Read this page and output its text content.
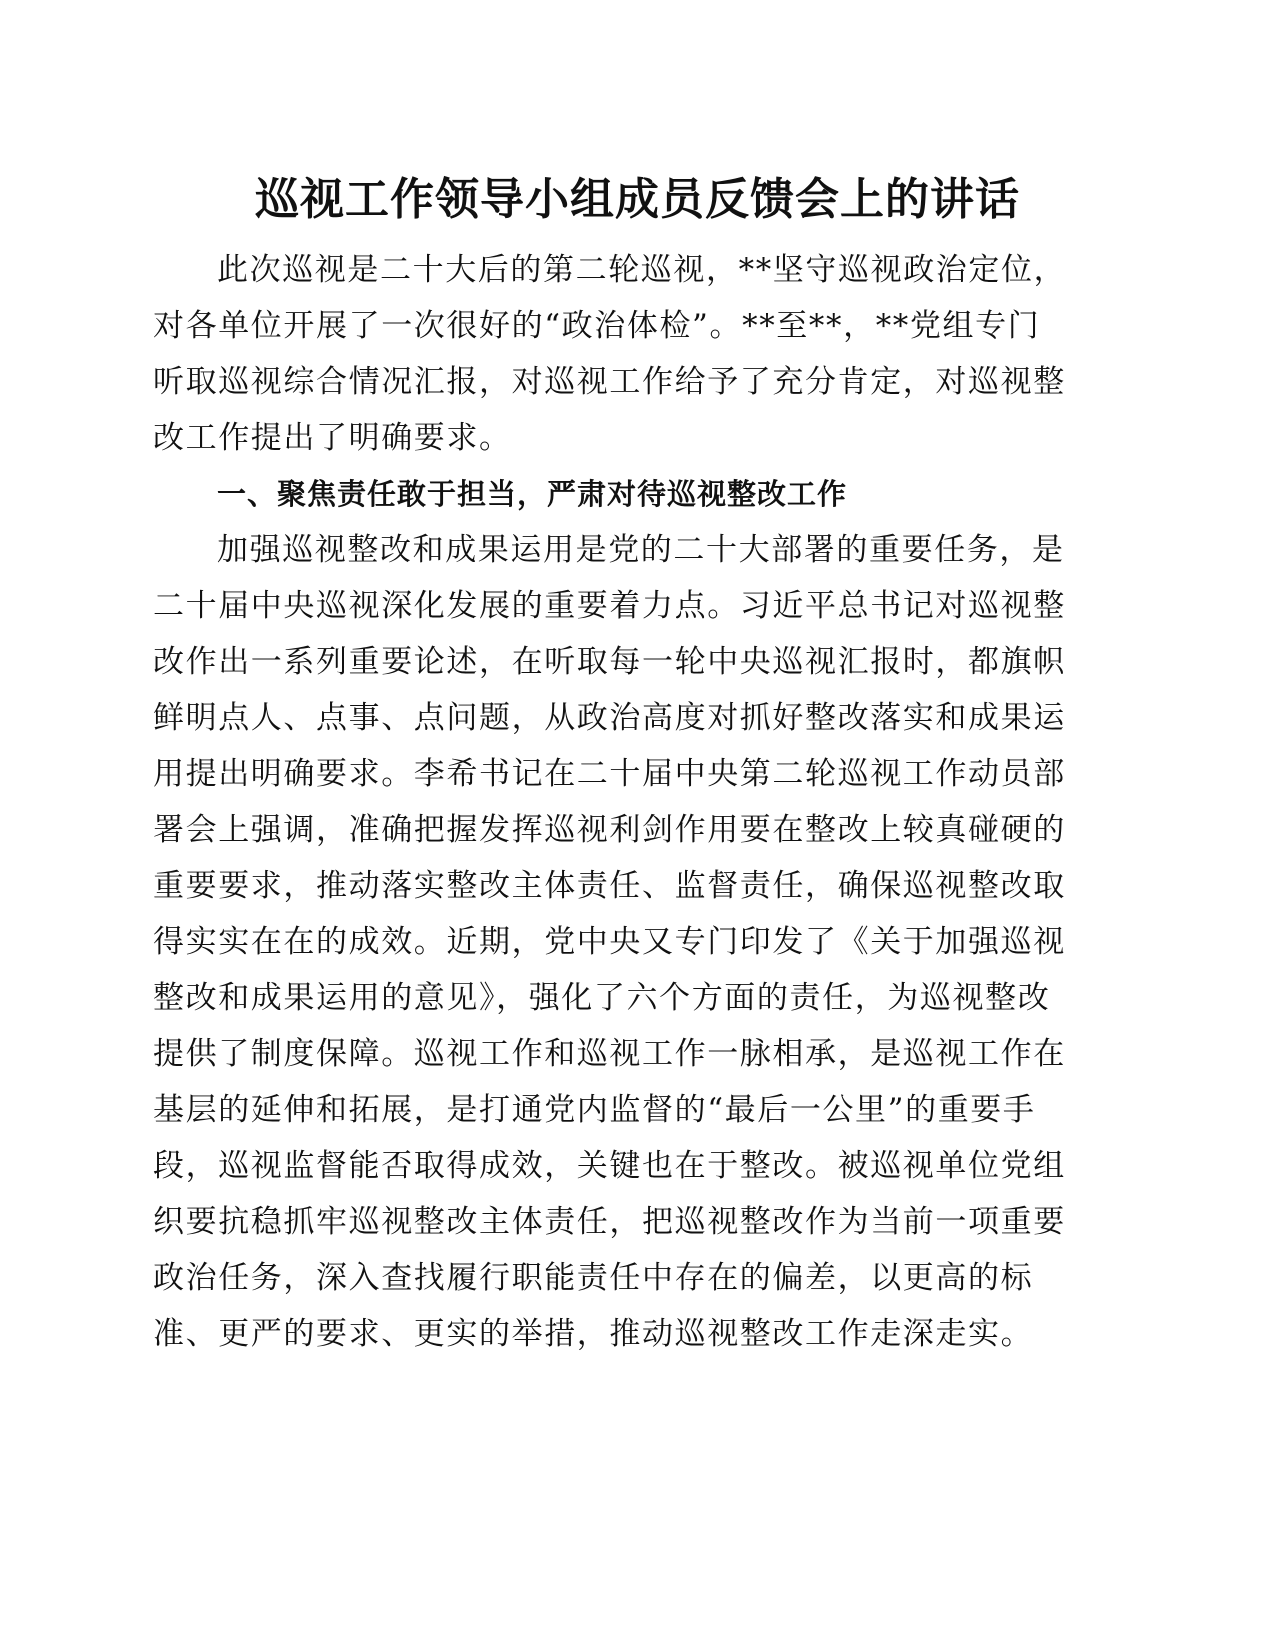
巡视工作领导小组成员反馈会上的讲话
此次巡视是二十大后的第二轮巡视，**坚守巡视政治定位，
对各单位开展了一次很好的“政治体检”。**至**，**党组专门
听取巡视综合情况汇报，对巡视工作给予了充分肯定，对巡视整
改工作提出了明确要求。
一、聚焦责任敢于担当，严肃对待巡视整改工作
加强巡视整改和成果运用是党的二十大部署的重要任务，是
二十届中央巡视深化发展的重要着力点。习近平总书记对巡视整
改作出一系列重要论述，在听取每一轮中央巡视汇报时，都旗帜
鲜明点人、点事、点问题，从政治高度对抓好整改落实和成果运
用提出明确要求。李希书记在二十届中央第二轮巡视工作动员部
署会上强调，准确把握发挥巡视利剑作用要在整改上较真碰硬的
重要要求，推动落实整改主体责任、监督责任，确保巡视整改取
得实实在在的成效。近期，党中央又专门印发了《关于加强巡视
整改和成果运用的意见》，强化了六个方面的责任，为巡视整改
提供了制度保障。巡视工作和巡视工作一脉相承，是巡视工作在
基层的延伸和拓展，是打通党内监督的“最后一公里”的重要手
段，巡视监督能否取得成效，关键也在于整改。被巡视单位党组
织要抗稳抓牢巡视整改主体责任，把巡视整改作为当前一项重要
政治任务，深入查找履行职能责任中存在的偏差，以更高的标
准、更严的要求、更实的举措，推动巡视整改工作走深走实。
